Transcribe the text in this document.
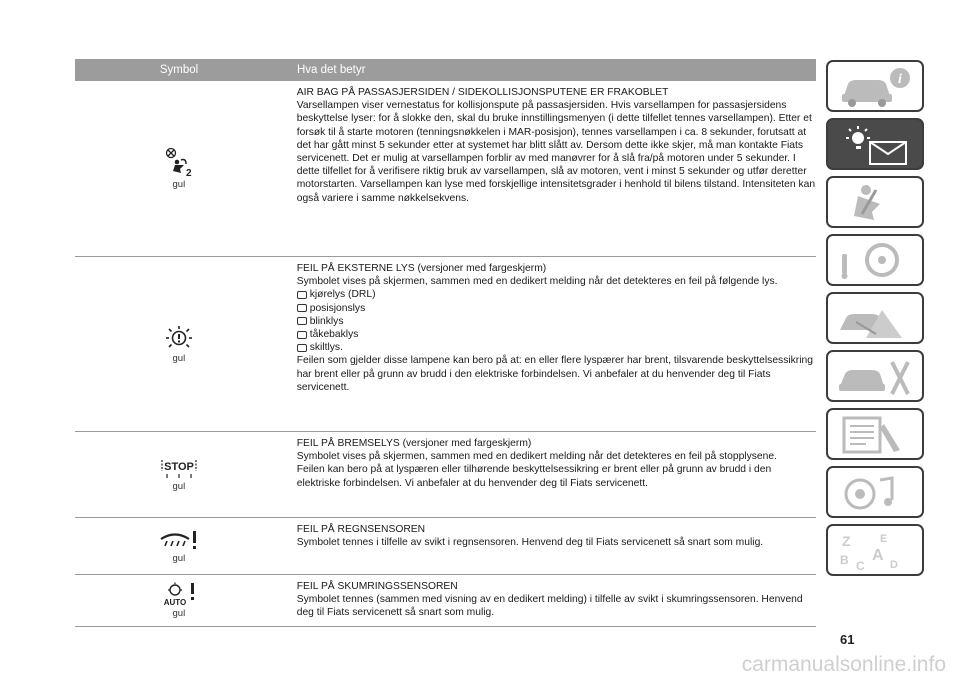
Symbol	Hva det betyr
2
gul
AIR BAG PÅ PASSASJERSIDEN / SIDEKOLLISJONSPUTENE ER FRAKOBLET
Varsellampen viser vernestatus for kollisjonspute på passasjersiden. Hvis varsellampen for passasjersidens beskyttelse lyser: for å slokke den, skal du bruke innstillingsmenyen (i dette tilfellet tennes varsellampen). Etter et forsøk til å starte motoren (tenningsnøkkelen i MAR-posisjon), tennes varsellampen i ca. 8 sekunder, forutsatt at det har gått minst 5 sekunder etter at systemet har blitt slått av. Dersom dette ikke skjer, må man kontakte Fiats servicenett. Det er mulig at varsellampen forblir av med manøvrer for å slå fra/på motoren under 5 sekunder. I dette tilfellet for å verifisere riktig bruk av varsellampen, slå av motoren, vent i minst 5 sekunder og utfør deretter motorstarten. Varsellampen kan lyse med forskjellige intensitetsgrader i henhold til bilens tilstand. Intensiteten kan også variere i samme nøkkelsekvens.
gul
FEIL PÅ EKSTERNE LYS (versjoner med fargeskjerm)
Symbolet vises på skjermen, sammen med en dedikert melding når det detekteres en feil på følgende lys.
kjørelys (DRL)
posisjonslys
blinklys
tåkebaklys
skiltlys.
Feilen som gjelder disse lampene kan bero på at: en eller flere lyspærer har brent, tilsvarende beskyttelsessikring har brent eller på grunn av brudd i den elektriske forbindelsen. Vi anbefaler at du henvender deg til Fiats servicenett.
STOP
gul
FEIL PÅ BREMSELYS (versjoner med fargeskjerm)
Symbolet vises på skjermen, sammen med en dedikert melding når det detekteres en feil på stopplysene.
Feilen kan bero på at lyspæren eller tilhørende beskyttelsessikring er brent eller på grunn av brudd i den elektriske forbindelsen. Vi anbefaler at du henvender deg til Fiats servicenett.
gul
FEIL PÅ REGNSENSOREN
Symbolet tennes i tilfelle av svikt i regnsensoren. Henvend deg til Fiats servicenett så snart som mulig.
AUTO
gul
FEIL PÅ SKUMRINGSSENSOREN
Symbolet tennes (sammen med visning av en dedikert melding) i tilfelle av svikt i skumringssensoren. Henvend deg til Fiats servicenett så snart som mulig.
i
Z	E
B A
C D
61
carmanualsonline.info
